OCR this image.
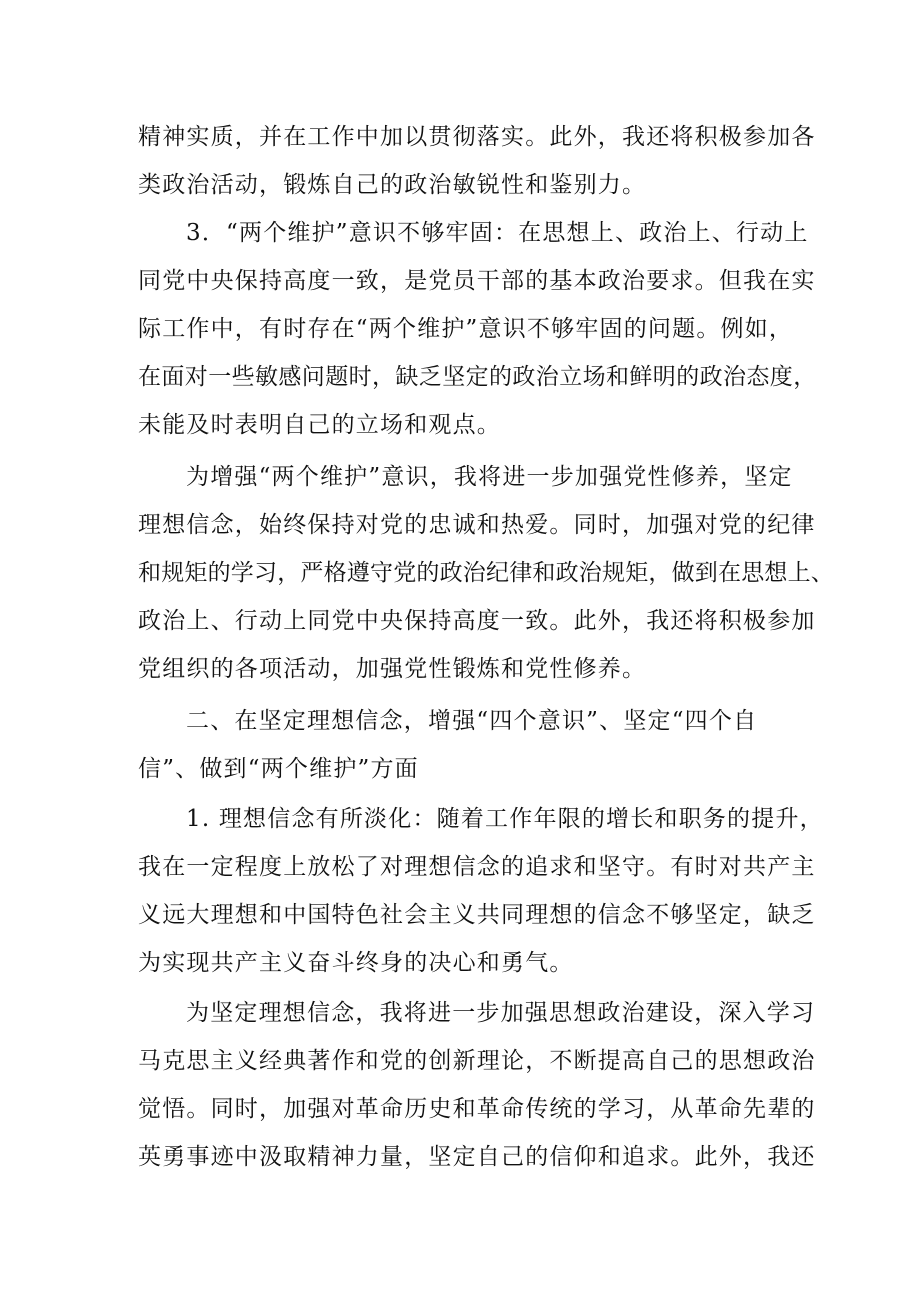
精神实质，并在工作中加以贯彻落实。此外，我还将积极参加各
类政治活动，锻炼自己的政治敏锐性和鉴别力。
3．“两个维护”意识不够牢固：在思想上、政治上、行动上
同党中央保持高度一致，是党员干部的基本政治要求。但我在实
际工作中，有时存在“两个维护”意识不够牢固的问题。例如，
在面对一些敏感问题时，缺乏坚定的政治立场和鲜明的政治态度，
未能及时表明自己的立场和观点。
为增强“两个维护”意识，我将进一步加强党性修养，坚定
理想信念，始终保持对党的忠诚和热爱。同时，加强对党的纪律
和规矩的学习，严格遵守党的政治纪律和政治规矩，做到在思想上、
政治上、行动上同党中央保持高度一致。此外，我还将积极参加
党组织的各项活动，加强党性锻炼和党性修养。
二、在坚定理想信念，增强“四个意识”、坚定“四个自
信”、做到“两个维护”方面
1. 理想信念有所淡化：随着工作年限的增长和职务的提升，
我在一定程度上放松了对理想信念的追求和坚守。有时对共产主
义远大理想和中国特色社会主义共同理想的信念不够坚定，缺乏
为实现共产主义奋斗终身的决心和勇气。
为坚定理想信念，我将进一步加强思想政治建设，深入学习
马克思主义经典著作和党的创新理论，不断提高自己的思想政治
觉悟。同时，加强对革命历史和革命传统的学习，从革命先辈的
英勇事迹中汲取精神力量，坚定自己的信仰和追求。此外，我还
